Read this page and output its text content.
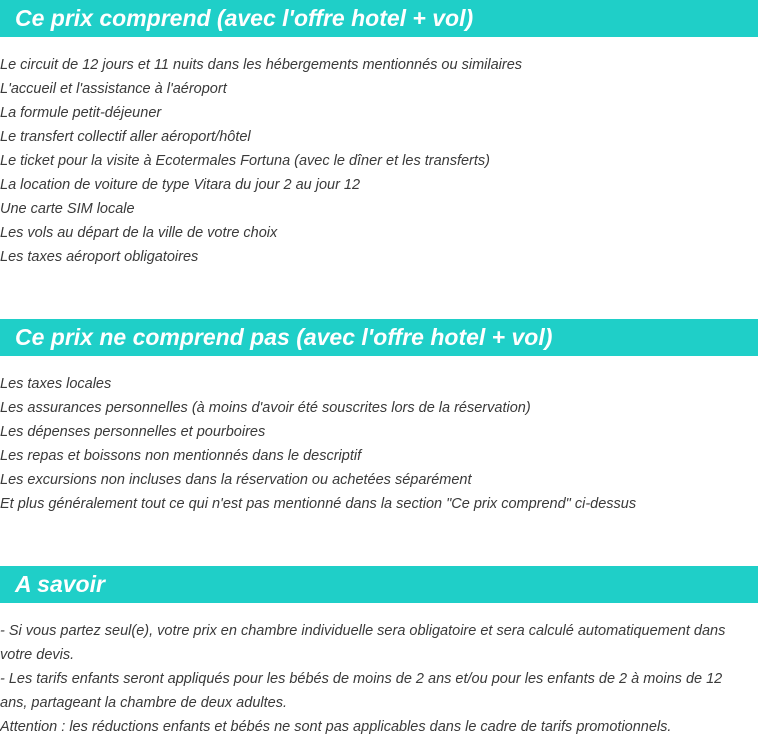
Ce prix comprend (avec l'offre hotel + vol)
Le circuit de 12 jours et 11 nuits dans les hébergements mentionnés ou similaires
L'accueil et l'assistance à l'aéroport
La formule petit-déjeuner
Le transfert collectif aller aéroport/hôtel
Le ticket pour la visite à Ecotermales Fortuna (avec le dîner et les transferts)
La location de voiture de type Vitara du jour 2 au jour 12
Une carte SIM locale
Les vols au départ de la ville de votre choix
Les taxes aéroport obligatoires
Ce prix ne comprend pas (avec l'offre hotel + vol)
Les taxes locales
Les assurances personnelles (à moins d'avoir été souscrites lors de la réservation)
Les dépenses personnelles et pourboires
Les repas et boissons non mentionnés dans le descriptif
Les excursions non incluses dans la réservation ou achetées séparément
Et plus généralement tout ce qui n'est pas mentionné dans la section "Ce prix comprend" ci-dessus
A savoir

- Si vous partez seul(e), votre prix en chambre individuelle sera obligatoire et sera calculé automatiquement dans votre devis.

- Les tarifs enfants seront appliqués pour les bébés de moins de 2 ans et/ou pour les enfants de 2 à moins de 12 ans, partageant la chambre de deux adultes.

Attention : les réductions enfants et bébés ne sont pas applicables dans le cadre de tarifs promotionnels.
